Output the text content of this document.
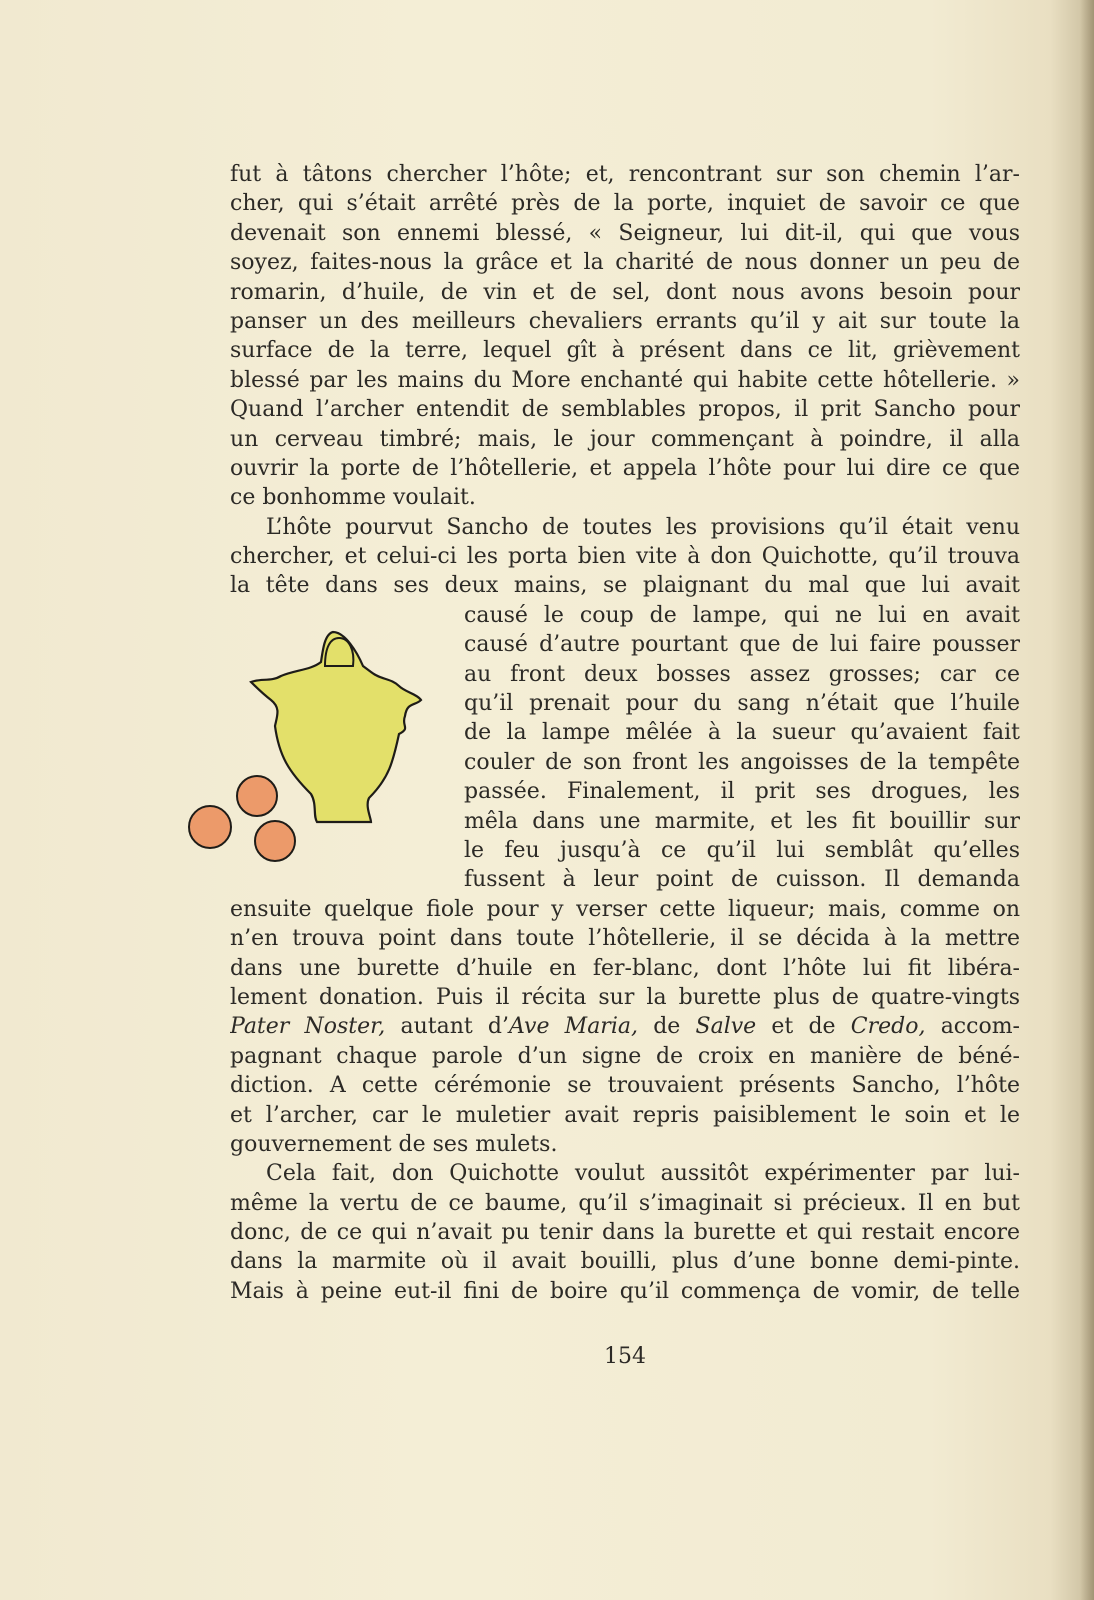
fut à tâtons chercher l’hôte; et, rencontrant sur son chemin l’ar-
cher, qui s’était arrêté près de la porte, inquiet de savoir ce que
devenait son ennemi blessé, « Seigneur, lui dit-il, qui que vous
soyez, faites-nous la grâce et la charité de nous donner un peu de
romarin, d’huile, de vin et de sel, dont nous avons besoin pour
panser un des meilleurs chevaliers errants qu’il y ait sur toute la
surface de la terre, lequel gît à présent dans ce lit, grièvement
blessé par les mains du More enchanté qui habite cette hôtellerie. »
Quand l’archer entendit de semblables propos, il prit Sancho pour
un cerveau timbré; mais, le jour commençant à poindre, il alla
ouvrir la porte de l’hôtellerie, et appela l’hôte pour lui dire ce que
ce bonhomme voulait.
L’hôte pourvut Sancho de toutes les provisions qu’il était venu
chercher, et celui-ci les porta bien vite à don Quichotte, qu’il trouva
la tête dans ses deux mains, se plaignant du mal que lui avait
causé le coup de lampe, qui ne lui en avait
causé d’autre pourtant que de lui faire pousser
au front deux bosses assez grosses; car ce
qu’il prenait pour du sang n’était que l’huile
de la lampe mêlée à la sueur qu’avaient fait
couler de son front les angoisses de la tempête
passée. Finalement, il prit ses drogues, les
mêla dans une marmite, et les fit bouillir sur
le feu jusqu’à ce qu’il lui semblât qu’elles
fussent à leur point de cuisson. Il demanda
ensuite quelque fiole pour y verser cette liqueur; mais, comme on
n’en trouva point dans toute l’hôtellerie, il se décida à la mettre
dans une burette d’huile en fer-blanc, dont l’hôte lui fit libéra-
lement donation. Puis il récita sur la burette plus de quatre-vingts
Pater Noster, autant d’Ave Maria, de Salve et de Credo, accom-
pagnant chaque parole d’un signe de croix en manière de béné-
diction. A cette cérémonie se trouvaient présents Sancho, l’hôte
et l’archer, car le muletier avait repris paisiblement le soin et le
gouvernement de ses mulets.
Cela fait, don Quichotte voulut aussitôt expérimenter par lui-
même la vertu de ce baume, qu’il s’imaginait si précieux. Il en but
donc, de ce qui n’avait pu tenir dans la burette et qui restait encore
dans la marmite où il avait bouilli, plus d’une bonne demi-pinte.
Mais à peine eut-il fini de boire qu’il commença de vomir, de telle
154
